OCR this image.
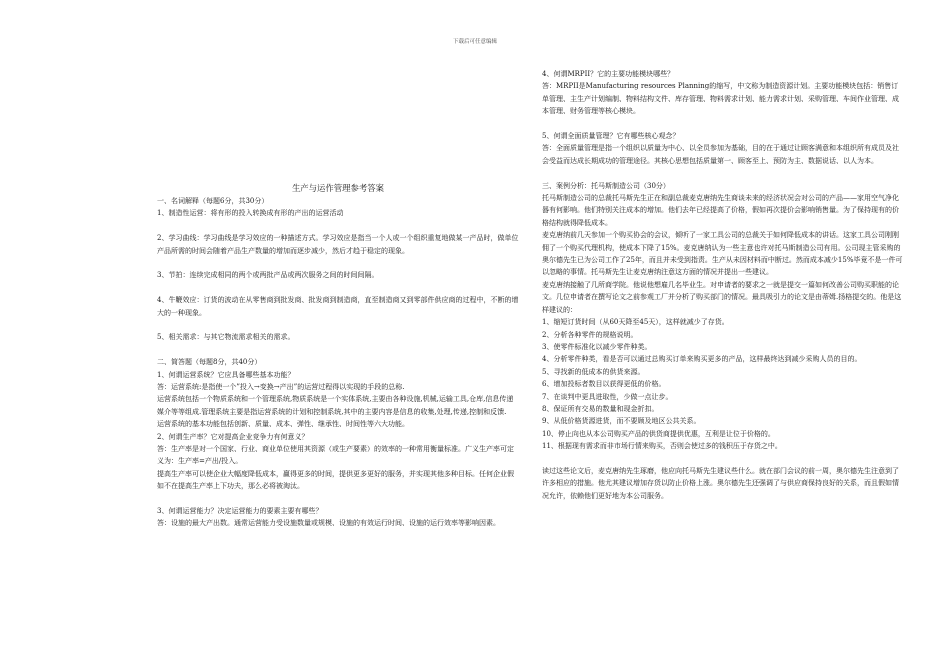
下载后可任意编辑

生产与运作管理参考答案

一、名词解释（每题6分，共30分）

1、制造性运营：将有形的投入转换成有形的产出的运营活动

2、学习曲线：学习曲线是学习效应的一种描述方式。学习效应是指当一个人或一个组织重复地做某一产品时，做单位产品所需的时间会随着产品生产数量的增加而逐步减少，然后才趋于稳定的现象。

3、节拍：连续完成相同的两个或两批产品或两次服务之间的时间间隔。

4、牛鞭效应：订货的波动在从零售商到批发商、批发商到制造商，直至制造商又到零部件供应商的过程中，不断的增大的一种现象。

5、相关需求：与其它物流需求相关的需求。

二、简答题（每题8分，共40分）

1、何谓运营系统？它应具备哪些基本功能？

答：运营系统:是指使一个”投入→变换→产出”的运营过程得以实现的手段的总称.

运营系统包括一个物质系统和一个管理系统,物质系统是一个实体系统,主要由各种设施,机械,运输工具,仓库,信息传递媒介等等组成.管理系统主要是指运营系统的计划和控制系统,其中的主要内容是信息的收集,处理,传递,控制和反馈.

运营系统的基本功能包括创新、质量、成本、弹性、继承性、时间性等六大功能。

2、何谓生产率？它对提高企业竞争力有何意义？

答：生产率是对一个国家、行业、商业单位使用其资源（或生产要素）的效率的一种常用衡量标准。广义生产率可定义为：生产率=产出/投入。

提高生产率可以使企业大幅度降低成本，赢得更多的时间，提供更多更好的服务，并实现其他多种目标。任何企业假如不在提高生产率上下功夫，那么必将被淘汰。

3、何谓运营能力？决定运营能力的要素主要有哪些？

答：设施的最大产出数。通常运营能力受设施数量或规模、设施的有效运行时间、设施的运行效率等影响因素。

4、何谓MRPII？它的主要功能模块哪些？

答：MRPII是Manufacturing resources Planning的缩写，中文称为制造资源计划。主要功能模块包括：销售订单管理、主生产计划编制、物料结构文件、库存管理、物料需求计划、能力需求计划、采购管理、车间作业管理、成本管理、财务管理等核心模块。

5、何谓全面质量管理？它有哪些核心观念？

答：全面质量管理是指一个组织以质量为中心、以全员参加为基础，目的在于通过让顾客满意和本组织所有成员及社会受益而达成长期成功的管理途径。其核心思想包括质量第一、顾客至上、预防为主、数据说话、以人为本。

三、案例分析：托马斯制造公司（30分）

托马斯制造公司的总裁托马斯先生正在和副总裁麦克唐纳先生商谈未来的经济状况会对公司的产品——家用空气净化器有何影响。他们特别关注成本的增加。他们去年已经提高了价格，假如再次提价会影响销售量。为了保持现有的价格结构就得降低成本。

麦克唐纳前几天参加一个购买协会的会议，倾听了一家工具公司的总裁关于如何降低成本的讲话。这家工具公司刚刚佣了一个购买代理机构，使成本下降了15%。麦克唐纳认为一些主意也许对托马斯制造公司有用。公司现主管采购的奥尔德先生已为公司工作了25年，而且并未受到指责。生产从未因材料而中断过。然而成本减少15%毕竟不是一件可以忽略的事情。托马斯先生让麦克唐纳注意这方面的情况并提出一些建议。

麦克唐纳接触了几所商学院。他说他想雇几名毕业生。对申请者的要求之一就是提交一篇如何改善公司购买职能的论文。几位申请者在撰写论文之前参观工厂并分析了购买部门的情况。最具吸引力的论文是由蒂姆.扬格提交的。他是这样建议的：

1、缩短订货时间（从60天降至45天），这样就减少了存货。

2、分析各种零件的规格说明。

3、使零件标准化以减少零件种类。

4、分析零件种类，看是否可以通过总购买订单来购买更多的产品，这样最终达到减少采购人员的目的。

5、寻找新的低成本的供货来源。

6、增加投标者数目以获得更低的价格。

7、在谈判中更具进取性，少做一点让步。

8、保证所有交易的数量和现金折扣。

9、从低价格货源进货，而不要顾及地区公共关系。

10、停止向也从本公司购买产品的供货商提供优惠，互利是让位于价格的。

11、根据现有需求而非市场行情来购买，否则会使过多的钱积压于存货之中。

读过这些论文后，麦克唐纳先生琢磨，他应向托马斯先生建议些什么。就在部门会议的前一周，奥尔德先生注意到了许多相应的措施。他尤其建议增加存货以防止价格上涨。奥尔德先生还强调了与供应商保持良好的关系，而且假如情况允许，依赖他们更好地为本公司服务。
